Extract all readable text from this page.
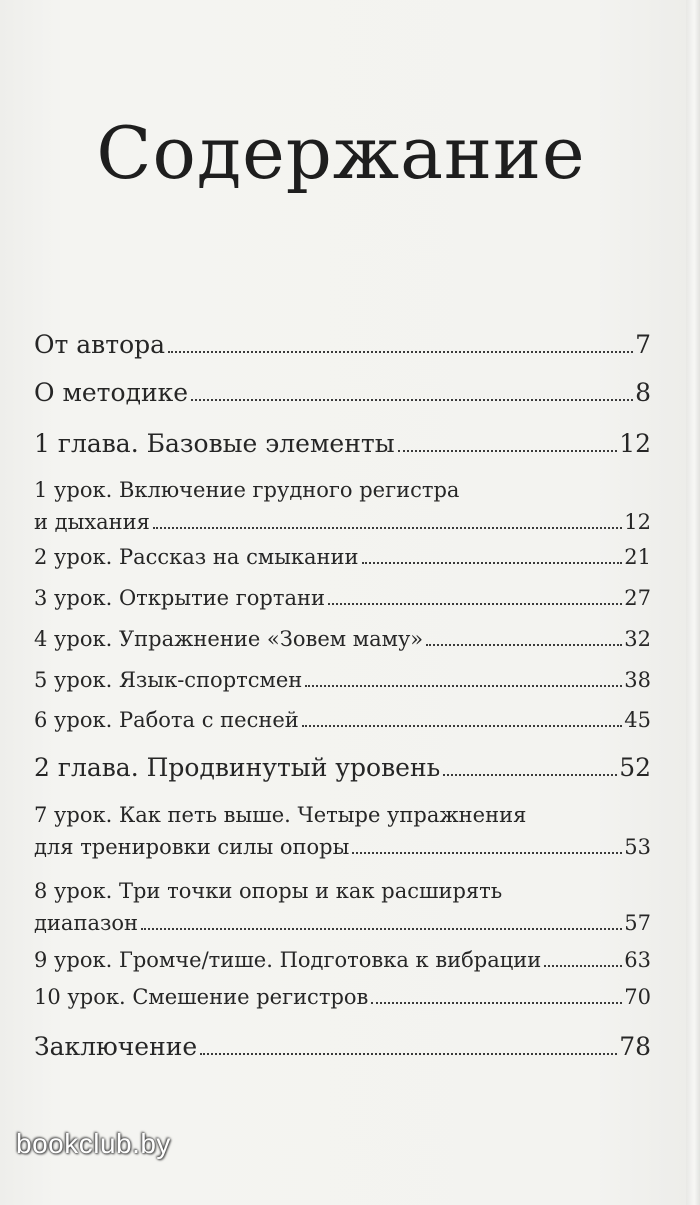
Содержание
От автора	7
О методике	8
1 глава. Базовые элементы	12
1 урок. Включение грудного регистра
и дыхания	12
2 урок. Рассказ на смыкании	21
3 урок. Открытие гортани	27
4 урок. Упражнение «Зовем маму»	32
5 урок. Язык-спортсмен	38
6 урок. Работа с песней	45
2 глава. Продвинутый уровень	52
7 урок. Как петь выше. Четыре упражнения
для тренировки силы опоры	53
8 урок. Три точки опоры и как расширять
диапазон	57
9 урок. Громче/тише. Подготовка к вибрации	63
10 урок. Смешение регистров	70
Заключение	78
bookclub.by
